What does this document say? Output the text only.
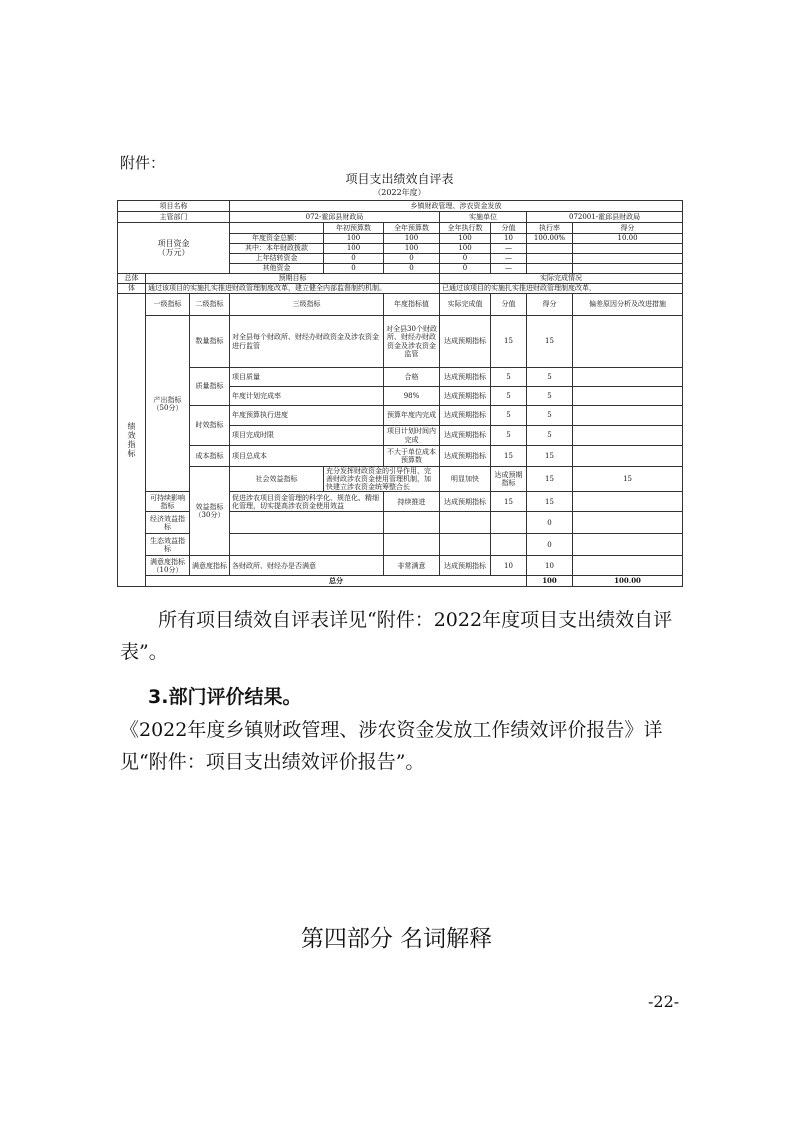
附件：
项目支出绩效自评表
（2022年度）
项目名称			乡镇财政管理、涉农资金发放							
主管部门			072-霍邱县财政局			实施单位		072001-霍邱县财政局		
项目资金
（万元）				年初预算数	全年预算数	全年执行数	分值	执行率	得分	
			年度资金总额：	100	100	100	10	100.00%	10.00	
			其中：本年财政拨款	100	100	100	—			
			上年结转资金	0	0	0	—			
			其他资金	0	0	0	—			
总体	预期目标					实际完成情况				
体	通过该项目的实施扎实推进财政管理制度改革，建立健全内部监督制约机制。					已通过该项目的实施扎实推进财政管理制度改革，				
绩
效
指
标	一级指标	二级指标	三级指标		年度指标值	实际完成值	分值	得分	偏差原因分析及改进措施	
	产出指标
（50分）	数量指标	对全县每个财政所、财经办财政资金及涉农资金进行监管		对全县30个财政所、财经办财政资金及涉农资金监管	达成预期指标	15	15		
		质量指标	项目质量		合格	达成预期指标	5	5		
			年度计划完成率		98%	达成预期指标	5	5		
		时效指标	年度预算执行进度		预算年度内完成	达成预期指标	5	5		
			项目完成时限		项目计划时间内完成	达成预期指标	5	5		
		成本指标	项目总成本		不大于单位成本预算数	达成预期指标	15	15		
		效益指标
（30分）	社会效益指标	充分发挥财政资金的引导作用，完善财政涉农资金使用管理机制，加快建立涉农资金统筹整合长		明显加快	达成预期指标	15	15	
	可持续影响指标		促进涉农项目资金管理的科学化、规范化、精细化管理，切实提高涉农资金使用效益		持续推进	达成预期指标	15	15		
	经济效益指标							0		
	生态效益指标							0		
	满意度指标（10分）	满意度指标	各财政所、财经办是否满意		非常满意	达成预期指标	10	10		
	总分							100	100.00	
所有项目绩效自评表详见“附件：2022年度项目支出绩效自评表”。
3.部门评价结果。
《2022年度乡镇财政管理、涉农资金发放工作绩效评价报告》详见“附件：项目支出绩效评价报告”。
第四部分 名词解释
-22-
